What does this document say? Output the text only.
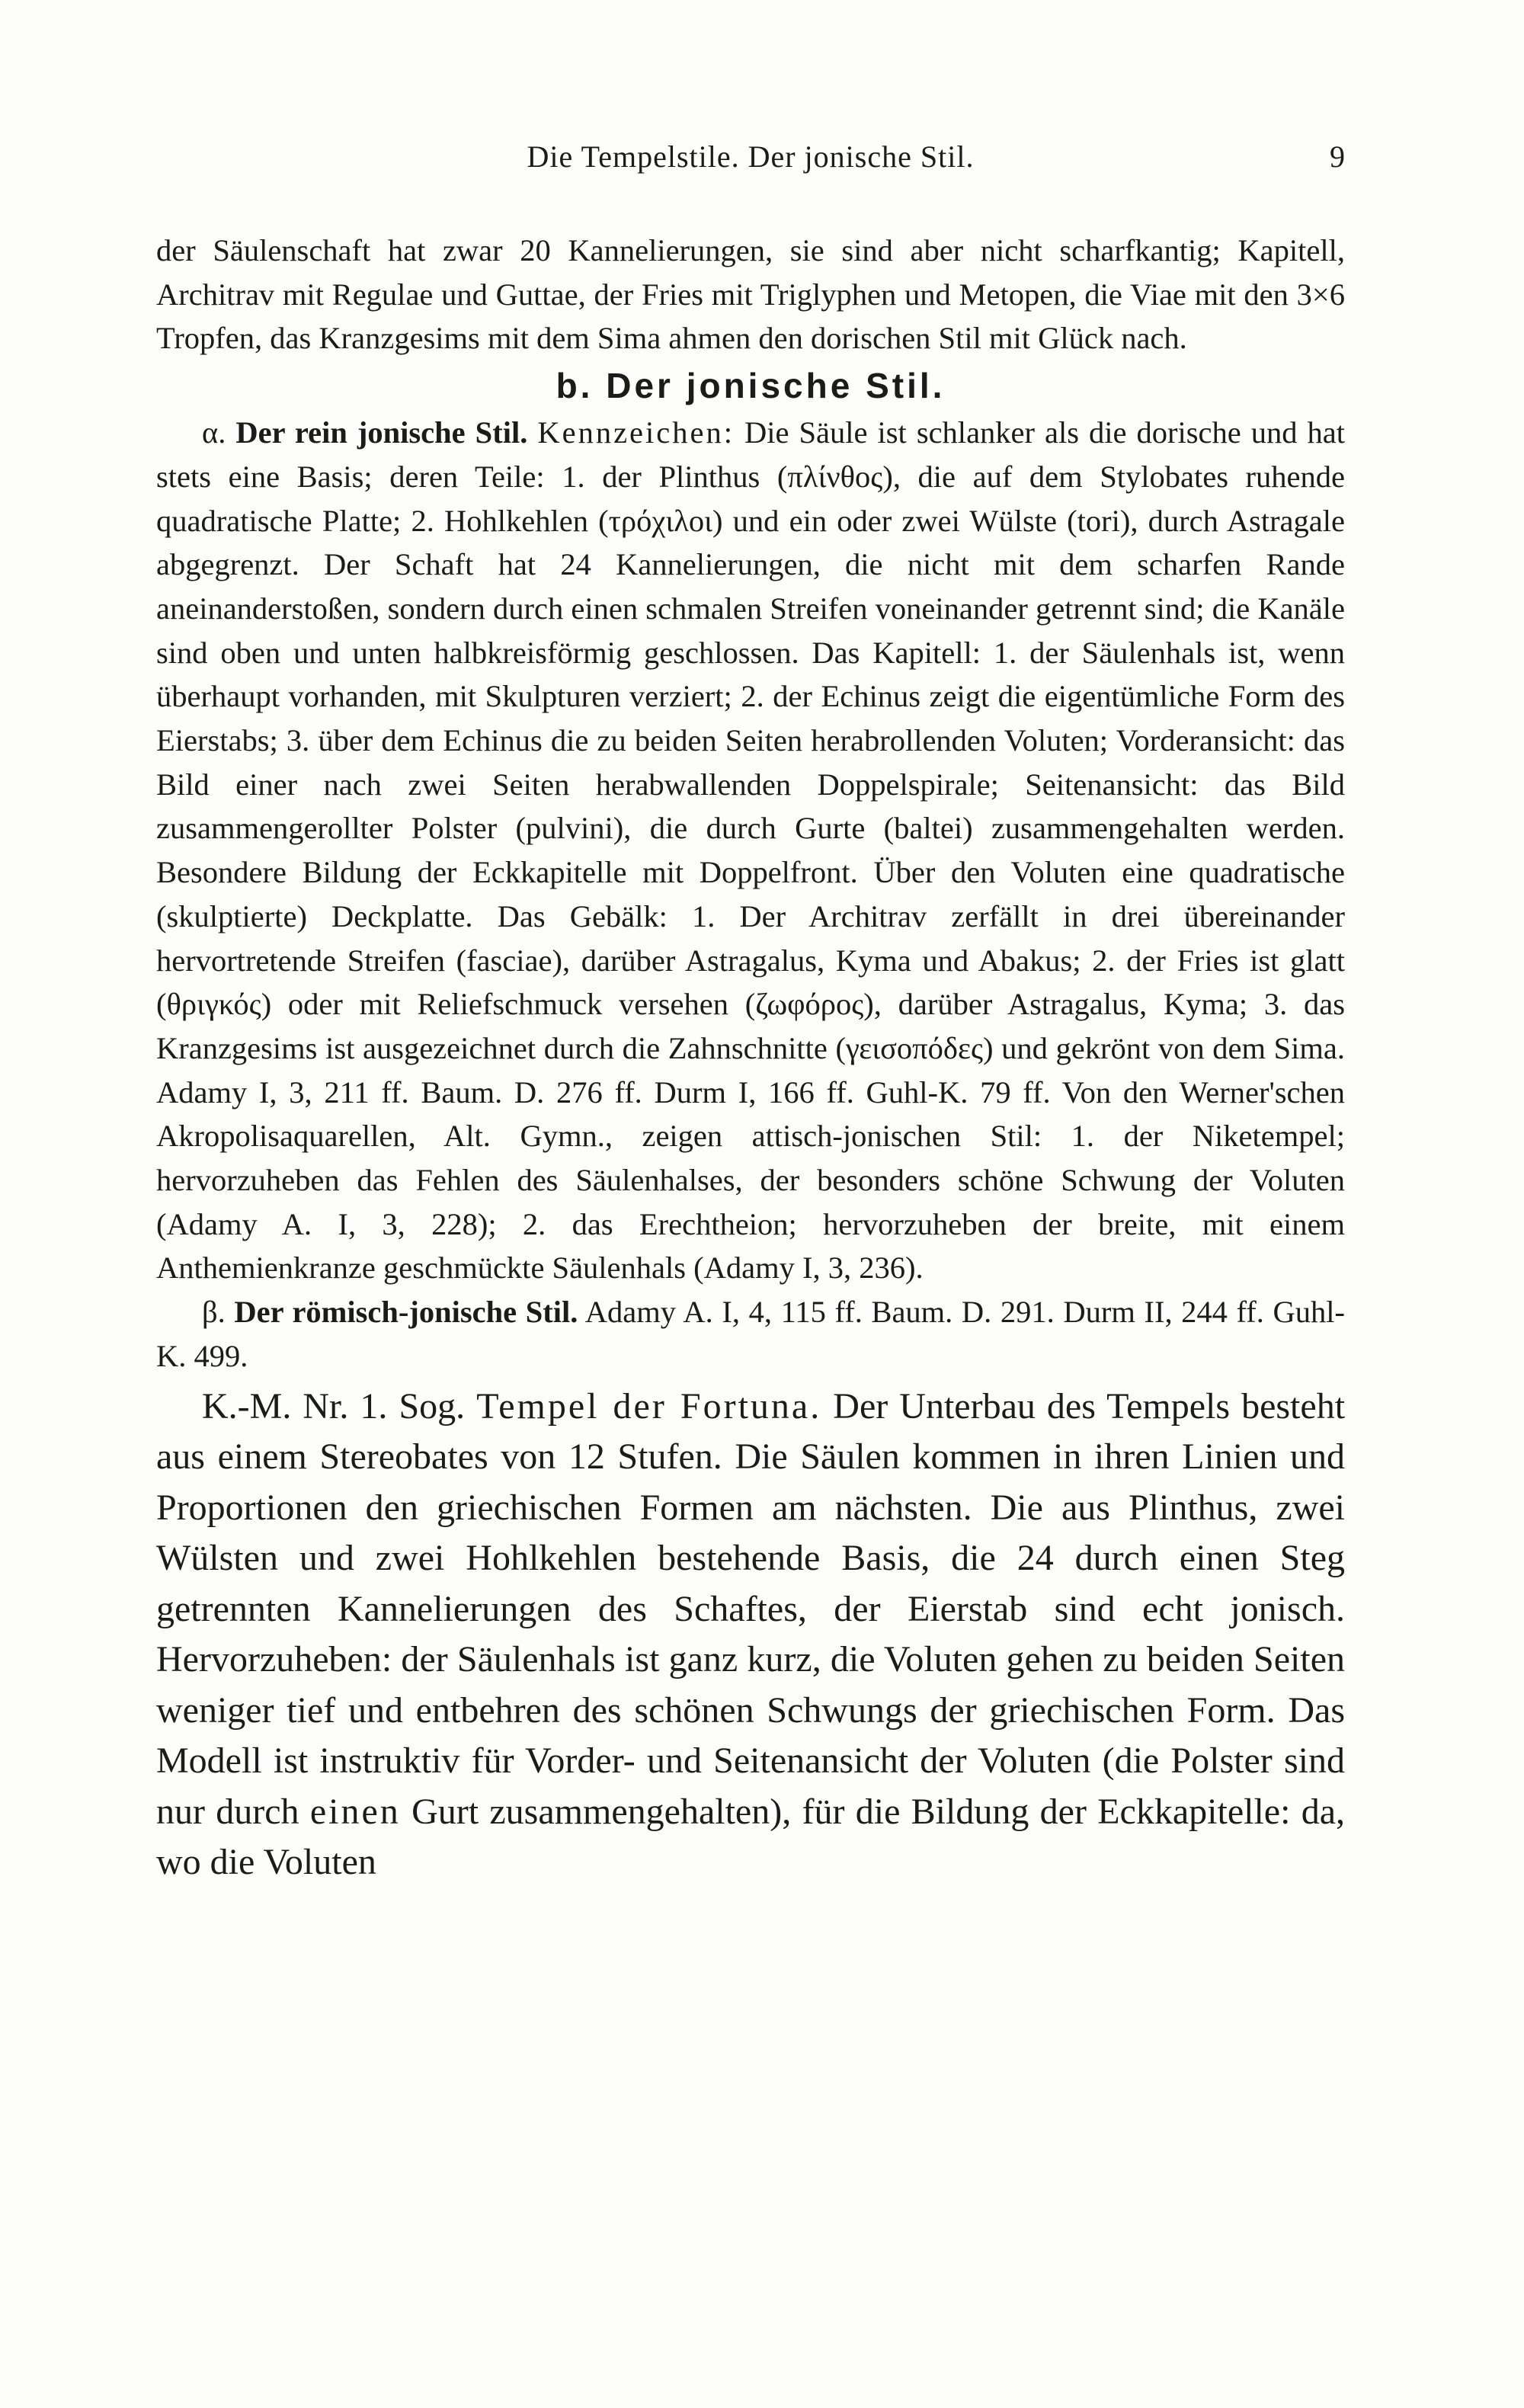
Die Tempelstile. Der jonische Stil.	9

der Säulenschaft hat zwar 20 Kannelierungen, sie sind aber nicht scharfkantig; Kapitell, Architrav mit Regulae und Guttae, der Fries mit Triglyphen und Metopen, die Viae mit den 3×6 Tropfen, das Kranzgesims mit dem Sima ahmen den dorischen Stil mit Glück nach.

b. Der jonische Stil.

α. Der rein jonische Stil. Kennzeichen: Die Säule ist schlanker als die dorische und hat stets eine Basis; deren Teile: 1. der Plinthus (πλίνθος), die auf dem Stylobates ruhende quadratische Platte; 2. Hohlkehlen (τρόχιλοι) und ein oder zwei Wülste (tori), durch Astragale abgegrenzt. Der Schaft hat 24 Kannelierungen, die nicht mit dem scharfen Rande aneinanderstoßen, sondern durch einen schmalen Streifen voneinander getrennt sind; die Kanäle sind oben und unten halbkreisförmig geschlossen. Das Kapitell: 1. der Säulenhals ist, wenn überhaupt vorhanden, mit Skulpturen verziert; 2. der Echinus zeigt die eigentümliche Form des Eierstabs; 3. über dem Echinus die zu beiden Seiten herabrollenden Voluten; Vorderansicht: das Bild einer nach zwei Seiten herabwallenden Doppelspirale; Seitenansicht: das Bild zusammengerollter Polster (pulvini), die durch Gurte (baltei) zusammengehalten werden. Besondere Bildung der Eckkapitelle mit Doppelfront. Über den Voluten eine quadratische (skulptierte) Deckplatte. Das Gebälk: 1. Der Architrav zerfällt in drei übereinander hervortretende Streifen (fasciae), darüber Astragalus, Kyma und Abakus; 2. der Fries ist glatt (θριγκός) oder mit Reliefschmuck versehen (ζωφόρος), darüber Astragalus, Kyma; 3. das Kranzgesims ist ausgezeichnet durch die Zahnschnitte (γεισοπόδες) und gekrönt von dem Sima. Adamy I, 3, 211 ff. Baum. D. 276 ff. Durm I, 166 ff. Guhl-K. 79 ff. Von den Werner'schen Akropolisaquarellen, Alt. Gymn., zeigen attisch-jonischen Stil: 1. der Niketempel; hervorzuheben das Fehlen des Säulenhalses, der besonders schöne Schwung der Voluten (Adamy A. I, 3, 228); 2. das Erechtheion; hervorzuheben der breite, mit einem Anthemienkranze geschmückte Säulenhals (Adamy I, 3, 236).

β. Der römisch-jonische Stil. Adamy A. I, 4, 115 ff. Baum. D. 291. Durm II, 244 ff. Guhl-K. 499.

K.-M. Nr. 1. Sog. Tempel der Fortuna. Der Unterbau des Tempels besteht aus einem Stereobates von 12 Stufen. Die Säulen kommen in ihren Linien und Proportionen den griechischen Formen am nächsten. Die aus Plinthus, zwei Wülsten und zwei Hohlkehlen bestehende Basis, die 24 durch einen Steg getrennten Kannelierungen des Schaftes, der Eierstab sind echt jonisch. Hervorzuheben: der Säulenhals ist ganz kurz, die Voluten gehen zu beiden Seiten weniger tief und entbehren des schönen Schwungs der griechischen Form. Das Modell ist instruktiv für Vorder- und Seitenansicht der Voluten (die Polster sind nur durch einen Gurt zusammengehalten), für die Bildung der Eckkapitelle: da, wo die Voluten
